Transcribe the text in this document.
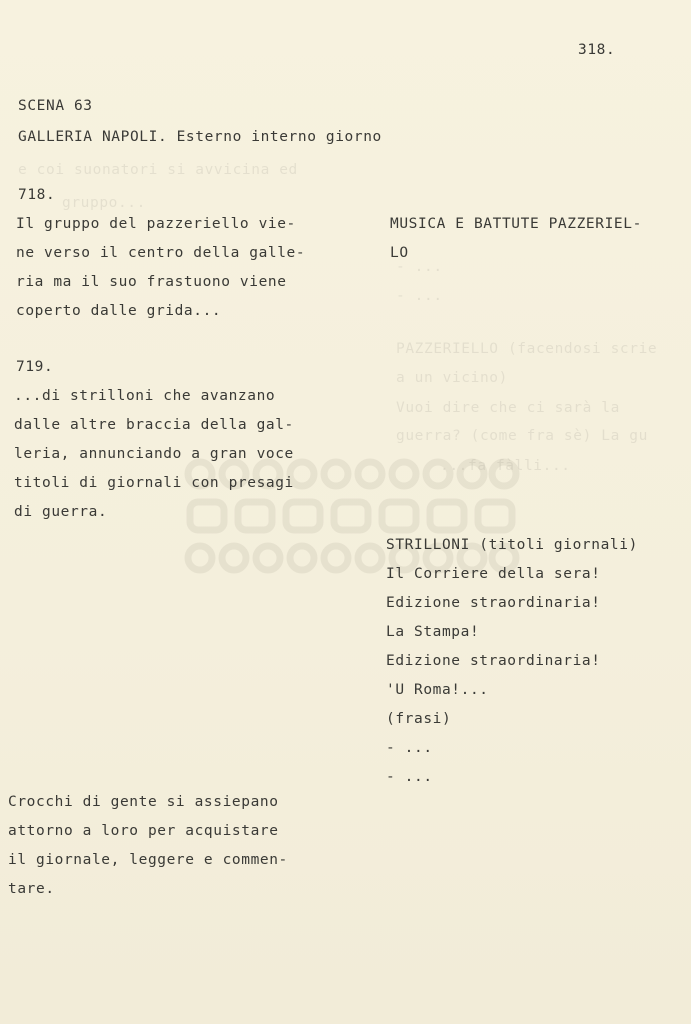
e coi suonatori si avvicina ed
gruppo...
- ...
- ...
PAZZERIELLO (facendosi scrie
a un vicino)
Vuoi dire che ci sarà la
guerra? (come fra sè) La gu
...fa fàlli...
318.
SCENA 63
GALLERIA NAPOLI. Esterno interno giorno
718.
Il gruppo del pazzeriello vie-
ne verso il centro della galle-
ria ma il suo frastuono viene
coperto dalle grida...
MUSICA E BATTUTE PAZZERIEL-
LO
719.
...di strilloni che avanzano
dalle altre braccia della gal-
leria, annunciando a gran voce
titoli di giornali con presagi
di guerra.
STRILLONI (titoli giornali)
Il Corriere della sera!
Edizione straordinaria!
La Stampa!
Edizione straordinaria!
'U Roma!...
(frasi)
- ...
- ...
Crocchi di gente si assiepano
attorno a loro per acquistare
il giornale, leggere e commen-
tare.
